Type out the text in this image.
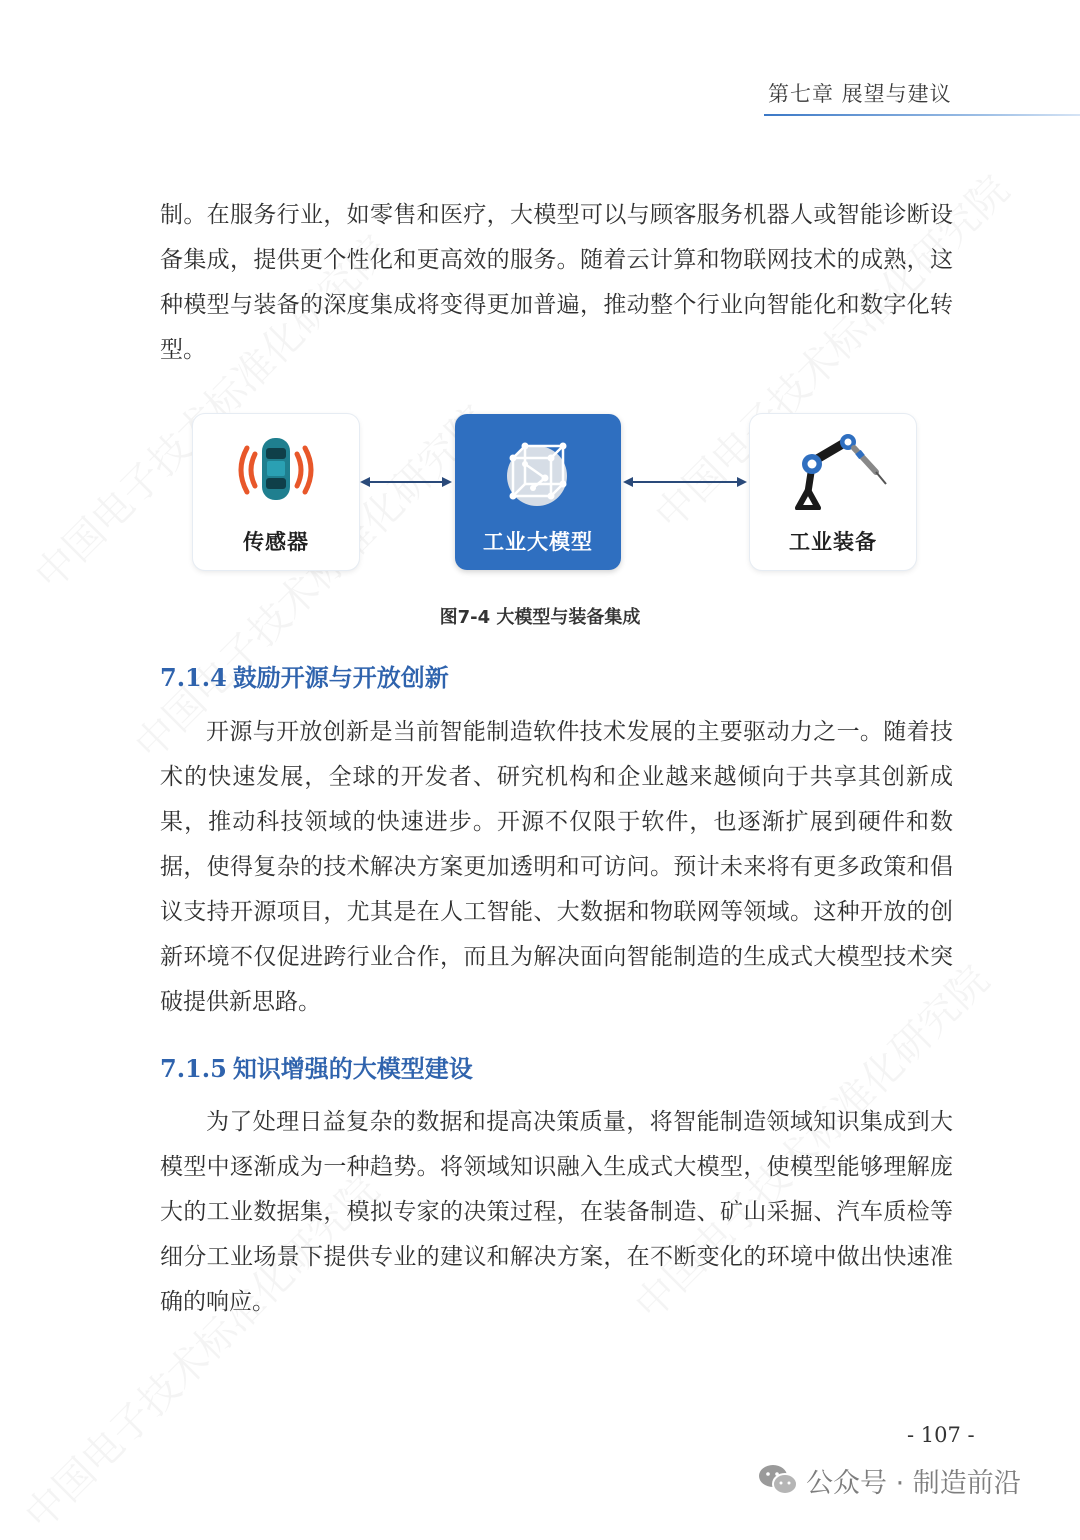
第七章 展望与建议

制。在服务行业，如零售和医疗，大模型可以与顾客服务机器人或智能诊断设备集成，提供更个性化和更高效的服务。随着云计算和物联网技术的成熟，这种模型与装备的深度集成将变得更加普遍，推动整个行业向智能化和数字化转型。

传感器	工业大模型	工业装备
图7-4 大模型与装备集成
7.1.4 鼓励开源与开放创新

开源与开放创新是当前智能制造软件技术发展的主要驱动力之一。随着技术的快速发展，全球的开发者、研究机构和企业越来越倾向于共享其创新成果，推动科技领域的快速进步。开源不仅限于软件，也逐渐扩展到硬件和数据，使得复杂的技术解决方案更加透明和可访问。预计未来将有更多政策和倡议支持开源项目，尤其是在人工智能、大数据和物联网等领域。这种开放的创新环境不仅促进跨行业合作，而且为解决面向智能制造的生成式大模型技术突破提供新思路。

7.1.5 知识增强的大模型建设

为了处理日益复杂的数据和提高决策质量，将智能制造领域知识集成到大模型中逐渐成为一种趋势。将领域知识融入生成式大模型，使模型能够理解庞大的工业数据集，模拟专家的决策过程，在装备制造、矿山采掘、汽车质检等细分工业场景下提供专业的建议和解决方案，在不断变化的环境中做出快速准确的响应。

- 107 -
公众号 · 制造前沿
